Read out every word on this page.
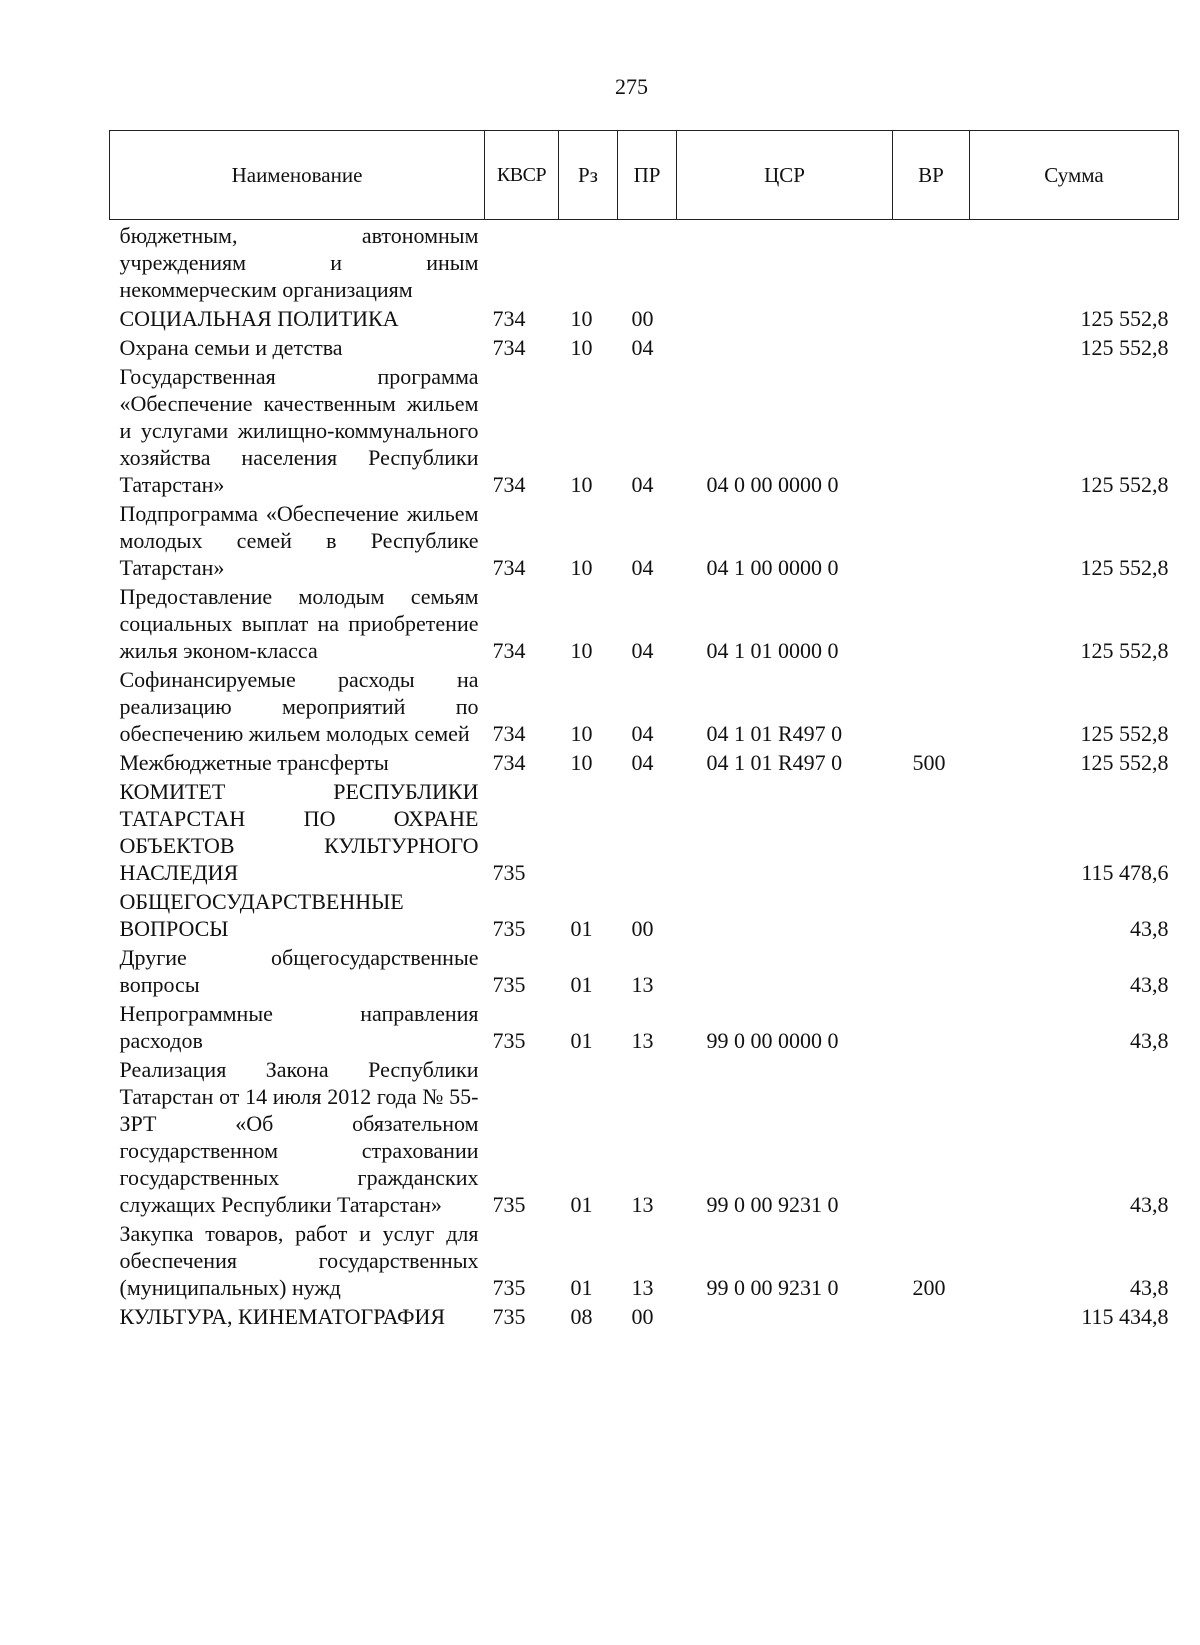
275
Наименование	КВСР	Рз	ПР	ЦСР	ВР	Сумма
бюджетным, автономным учреждениям и иным некоммерческим организациям						
СОЦИАЛЬНАЯ ПОЛИТИКА	734	10	00			125 552,8
Охрана семьи и детства	734	10	04			125 552,8
Государственная программа «Обеспечение качественным жильем и услугами жилищно-коммунального хозяйства населения Республики Татарстан»	734	10	04	04 0 00 0000 0		125 552,8
Подпрограмма «Обеспечение жильем молодых семей в Республике Татарстан»	734	10	04	04 1 00 0000 0		125 552,8
Предоставление молодым семьям социальных выплат на приобретение жилья эконом-класса	734	10	04	04 1 01 0000 0		125 552,8
Софинансируемые расходы на реализацию мероприятий по обеспечению жильем молодых семей	734	10	04	04 1 01 R497 0		125 552,8
Межбюджетные трансферты	734	10	04	04 1 01 R497 0	500	125 552,8
КОМИТЕТ РЕСПУБЛИКИ ТАТАРСТАН ПО ОХРАНЕ ОБЪЕКТОВ КУЛЬТУРНОГО НАСЛЕДИЯ	735					115 478,6
ОБЩЕГОСУДАРСТВЕННЫЕ ВОПРОСЫ	735	01	00			43,8
Другие общегосударственные вопросы	735	01	13			43,8
Непрограммные направления расходов	735	01	13	99 0 00 0000 0		43,8
Реализация Закона Республики Татарстан от 14 июля 2012 года № 55-ЗРТ «Об обязательном государственном страховании государственных гражданских служащих Республики Татарстан»	735	01	13	99 0 00 9231 0		43,8
Закупка товаров, работ и услуг для обеспечения государственных (муниципальных) нужд	735	01	13	99 0 00 9231 0	200	43,8
КУЛЬТУРА, КИНЕМАТОГРАФИЯ	735	08	00			115 434,8
